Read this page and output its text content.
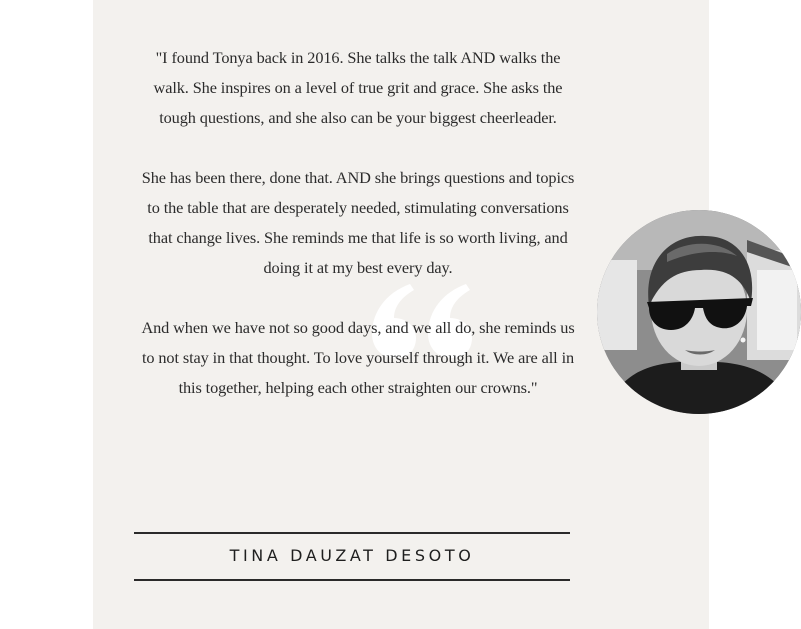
"I found Tonya back in 2016. She talks the talk AND walks the walk. She inspires on a level of true grit and grace. She asks the tough questions, and she also can be your biggest cheerleader.

She has been there, done that. AND she brings questions and topics to the table that are desperately needed, stimulating conversations that change lives. She reminds me that life is so worth living, and doing it at my best every day.

And when we have not so good days, and we all do, she reminds us to not stay in that thought. To love yourself through it. We are all in this together, helping each other straighten our crowns."

TINA DAUZAT DESOTO
